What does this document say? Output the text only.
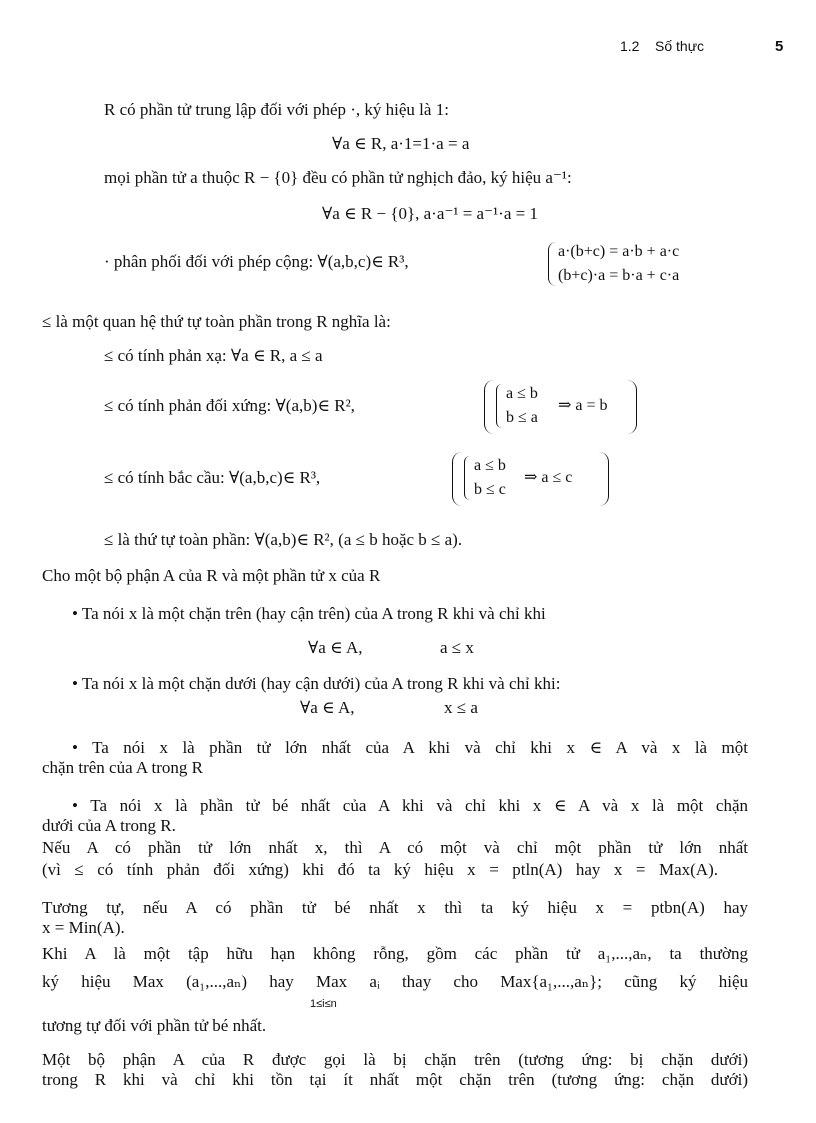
1.2 Số thực	5
R có phần tử trung lập đối với phép ·, ký hiệu là 1:
∀a ∈ R, a·1=1·a = a
mọi phần tử a thuộc R − {0} đều có phần tử nghịch đảo, ký hiệu a⁻¹:
∀a ∈ R − {0}, a·a⁻¹ = a⁻¹·a = 1
· phân phối đối với phép cộng: ∀(a,b,c)∈ R³,
a·(b+c) = a·b + a·c
(b+c)·a = b·a + c·a
≤ là một quan hệ thứ tự toàn phần trong R nghĩa là:
≤ có tính phản xạ: ∀a ∈ R, a ≤ a
≤ có tính phản đối xứng: ∀(a,b)∈ R²,
a ≤ b
b ≤ a
⇒ a = b
≤ có tính bắc cầu: ∀(a,b,c)∈ R³,
a ≤ b
b ≤ c
⇒ a ≤ c
≤ là thứ tự toàn phần: ∀(a,b)∈ R², (a ≤ b hoặc b ≤ a).
Cho một bộ phận A của R và một phần tử x của R
• Ta nói x là một chặn trên (hay cận trên) của A trong R khi và chỉ khi
∀a ∈ A,	a ≤ x
• Ta nói x là một chặn dưới (hay cận dưới) của A trong R khi và chỉ khi:
∀a ∈ A,	x ≤ a
• Ta nói x là phần tử lớn nhất của A khi và chỉ khi x ∈ A và x là một
chặn trên của A trong R
• Ta nói x là phần tử bé nhất của A khi và chỉ khi x ∈ A và x là một chặn
dưới của A trong R.
Nếu A có phần tử lớn nhất x, thì A có một và chỉ một phần tử lớn nhất
(vì ≤ có tính phản đối xứng) khi đó ta ký hiệu x = ptln(A) hay x = Max(A).
Tương tự, nếu A có phần tử bé nhất x thì ta ký hiệu x = ptbn(A) hay
x = Min(A).
Khi A là một tập hữu hạn không rỗng, gồm các phần tử a₁,...,aₙ, ta thường
ký hiệu Max (a₁,...,aₙ) hay Max aᵢ thay cho Max{a₁,...,aₙ}; cũng ký hiệu
1≤i≤n
tương tự đối với phần tử bé nhất.
Một bộ phận A của R được gọi là bị chặn trên (tương ứng: bị chặn dưới)
trong R khi và chỉ khi tồn tại ít nhất một chặn trên (tương ứng: chặn dưới)
